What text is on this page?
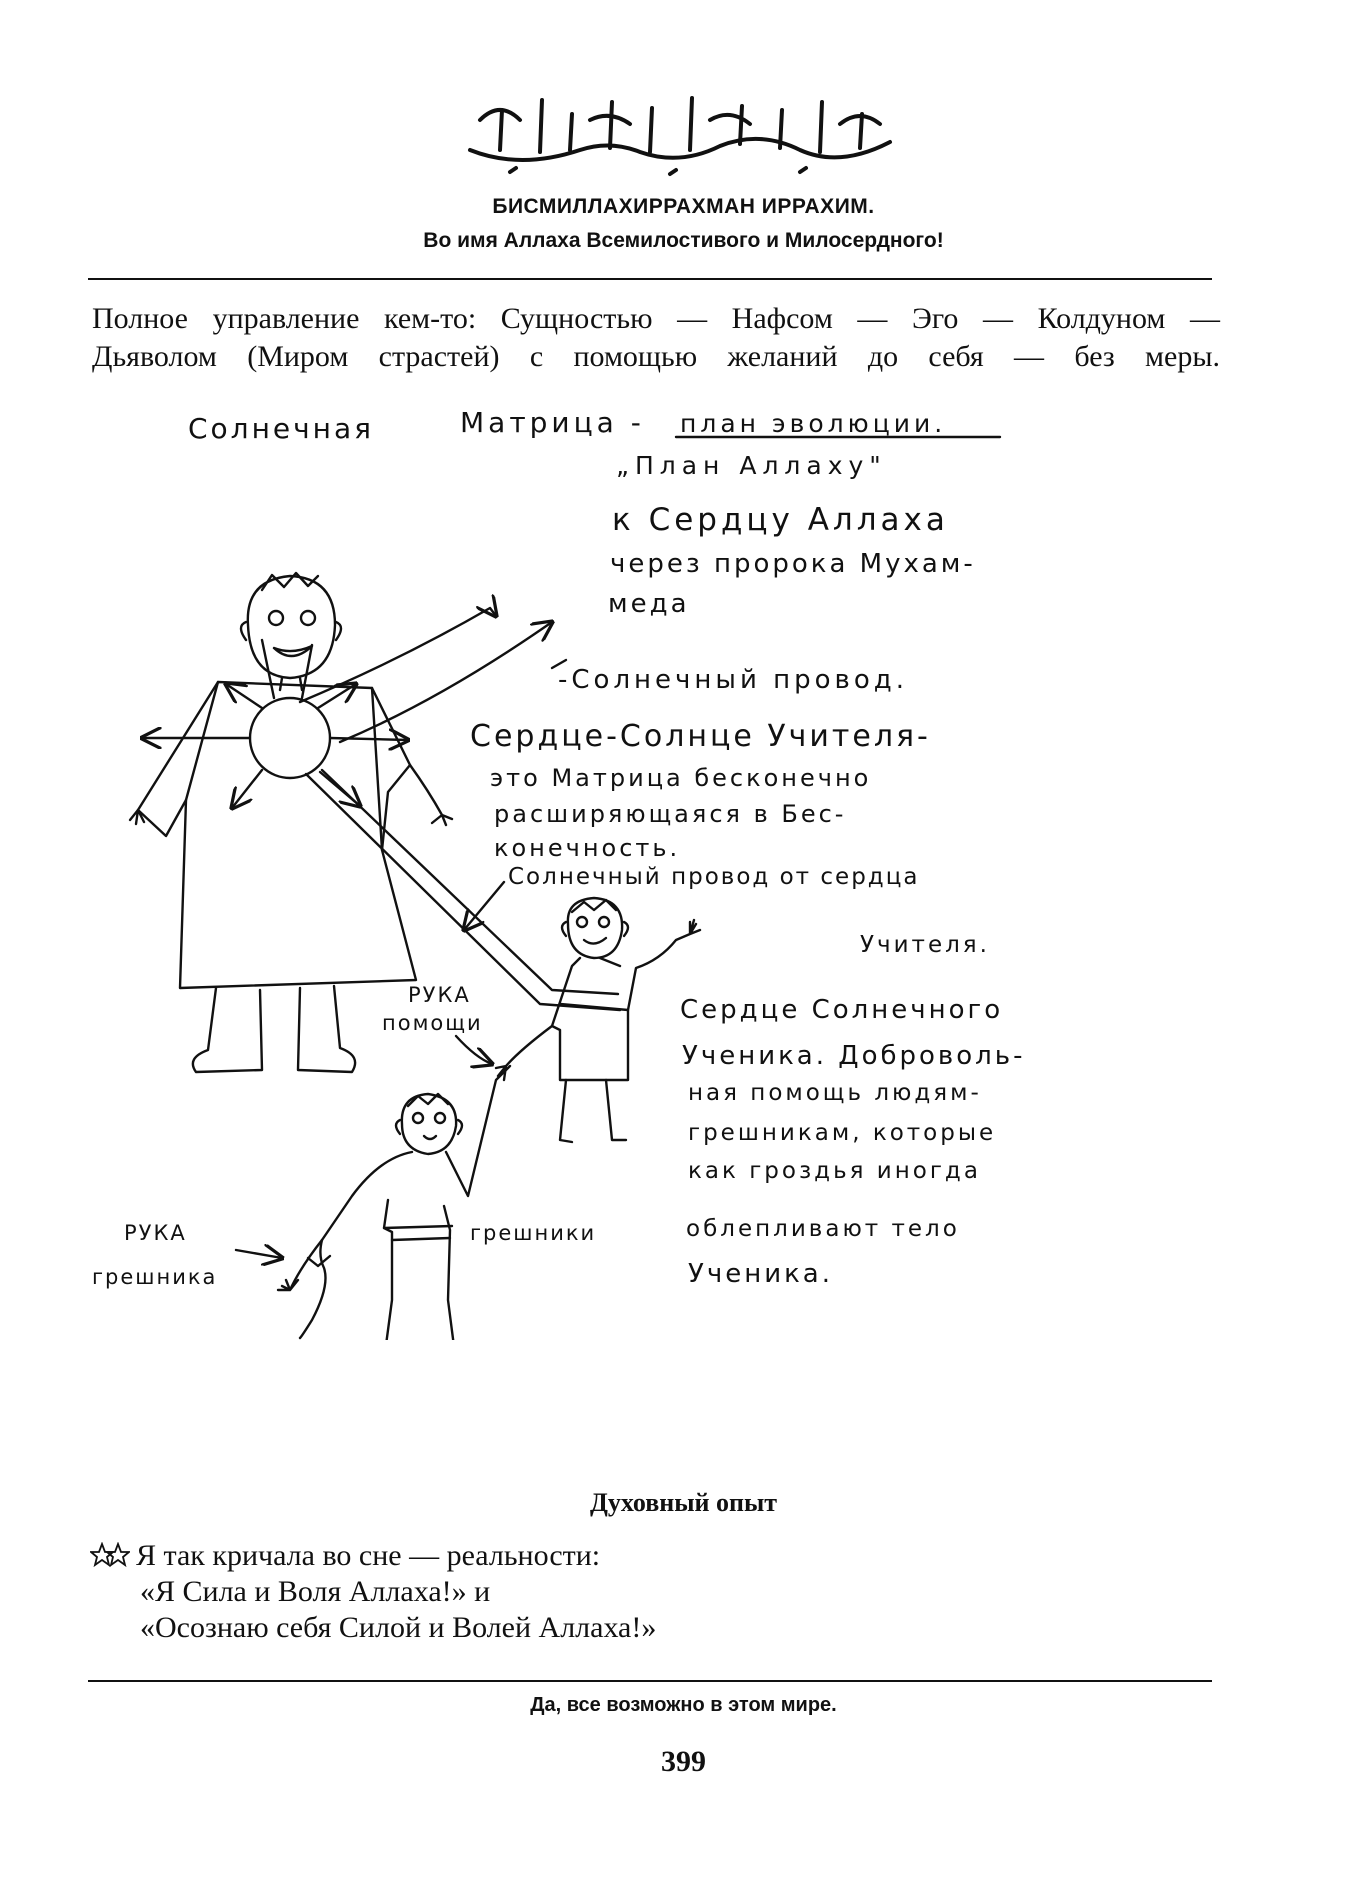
БИСМИЛЛАХИРРАХМАН ИРРАХИМ.
Во имя Аллаха Всемилостивого и Милосердного!
Полное управление кем-то: Сущностью — Нафсом — Эго — Колдуном —
Дьяволом (Миром страстей) с помощью желаний до себя — без меры.
Солнечная	Матрица - план эволюции.
„План Аллаху"
к Сердцу Аллаха
через пророка Мухам-
меда
-Солнечный провод.
Сердце-Солнце Учителя-
это Матрица бесконечно
расширяющаяся в Бес-
конечность.
Солнечный провод от сердца
Учителя.
РУКА
помощи	Сердце Солнечного
Ученика. Доброволь-
ная помощь людям-
грешникам, которые
как гроздья иногда
облепливают тело
Ученика.
РУКА
грешника
грешники
Духовный опыт
Я так кричала во сне — реальности:
«Я Сила и Воля Аллаха!» и
«Осознаю себя Силой и Волей Аллаха!»
Да, все возможно в этом мире.
399
